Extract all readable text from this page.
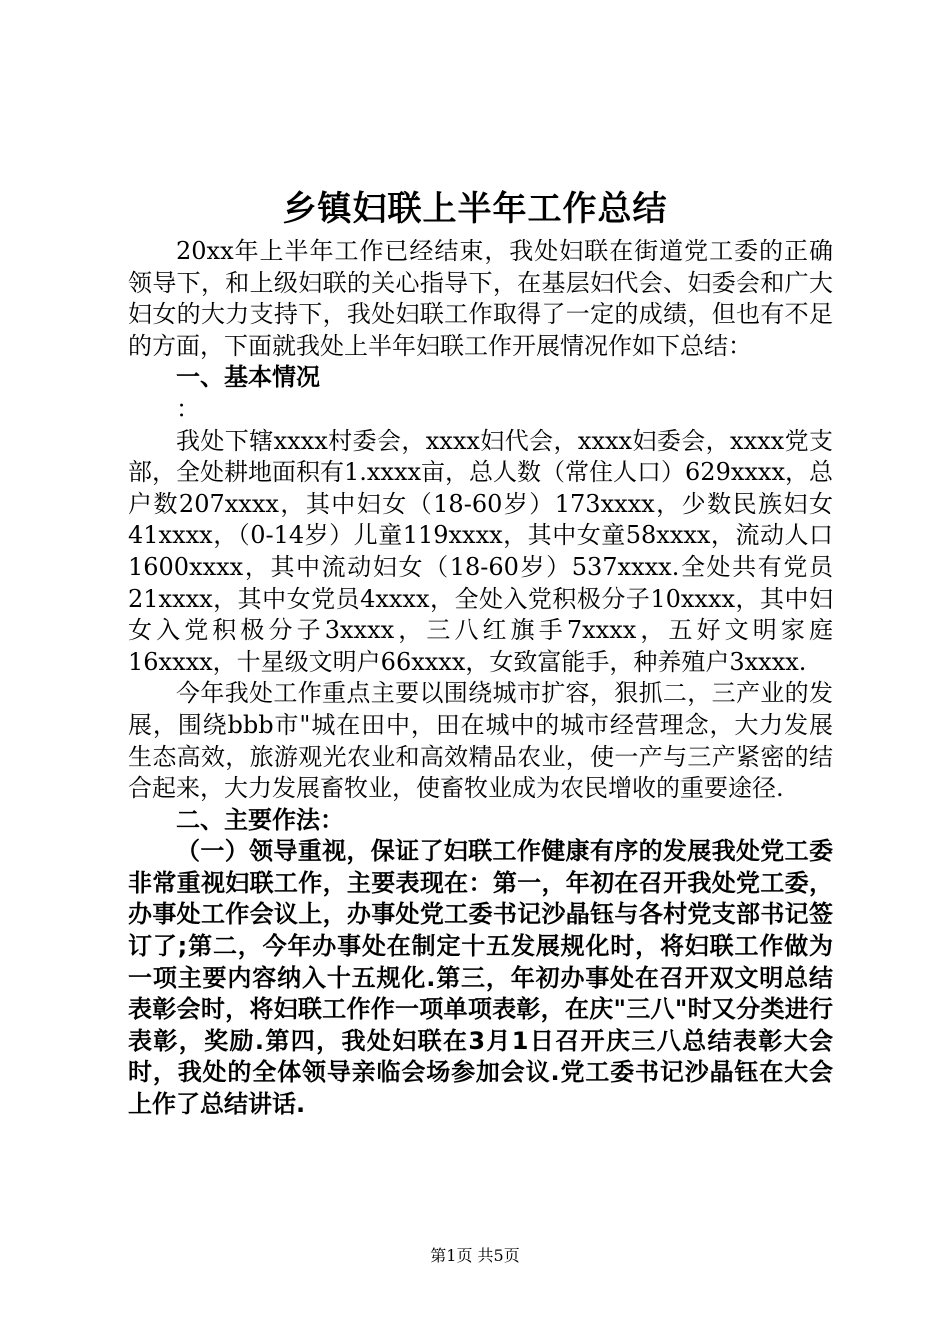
乡镇妇联上半年工作总结

20xx年上半年工作已经结束，我处妇联在街道党工委的正确领导下，和上级妇联的关心指导下，在基层妇代会、妇委会和广大妇女的大力支持下，我处妇联工作取得了一定的成绩，但也有不足的方面，下面就我处上半年妇联工作开展情况作如下总结：

一、基本情况

：

我处下辖xxxx村委会，xxxx妇代会，xxxx妇委会，xxxx党支部，全处耕地面积有1.xxxx亩，总人数（常住人口）629xxxx，总户数207xxxx，其中妇女（18-60岁）173xxxx，少数民族妇女41xxxx，（0-14岁）儿童119xxxx，其中女童58xxxx，流动人口1600xxxx，其中流动妇女（18-60岁）537xxxx.全处共有党员21xxxx，其中女党员4xxxx，全处入党积极分子10xxxx，其中妇女入党积极分子3xxxx，三八红旗手7xxxx，五好文明家庭16xxxx，十星级文明户66xxxx，女致富能手，种养殖户3xxxx.

今年我处工作重点主要以围绕城市扩容，狠抓二，三产业的发展，围绕bbb市"城在田中，田在城中的城市经营理念，大力发展生态高效，旅游观光农业和高效精品农业，使一产与三产紧密的结合起来，大力发展畜牧业，使畜牧业成为农民增收的重要途径.

二、主要作法：

（一）领导重视，保证了妇联工作健康有序的发展我处党工委非常重视妇联工作，主要表现在：第一，年初在召开我处党工委，办事处工作会议上，办事处党工委书记沙晶钰与各村党支部书记签订了;第二，今年办事处在制定十五发展规化时，将妇联工作做为一项主要内容纳入十五规化.第三，年初办事处在召开双文明总结表彰会时，将妇联工作作一项单项表彰，在庆"三八"时又分类进行表彰，奖励.第四，我处妇联在3月1日召开庆三八总结表彰大会时，我处的全体领导亲临会场参加会议.党工委书记沙晶钰在大会上作了总结讲话.

第1页 共5页
